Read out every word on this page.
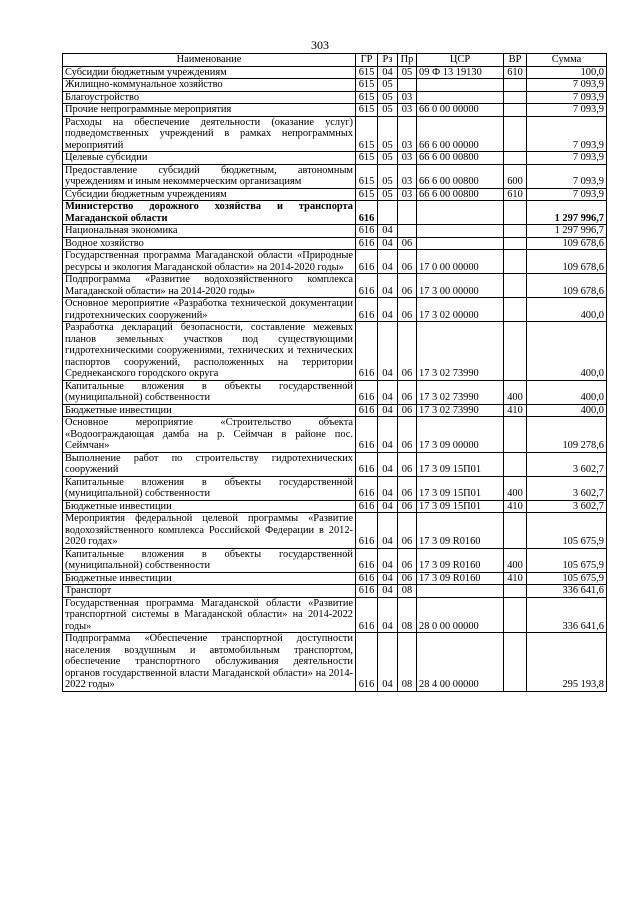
303
Наименование	ГР	Рз	Пр	ЦСР	ВР	Сумма
Субсидии бюджетным учреждениям	615	04	05	09 Ф 13 19130	610	100,0
Жилищно-коммунальное хозяйство	615	05				7 093,9
Благоустройство	615	05	03			7 093,9
Прочие непрограммные мероприятия	615	05	03	66 0 00 00000		7 093,9
Расходы на обеспечение деятельности (оказание услуг) подведомственных учреждений в рамках непрограммных мероприятий	615	05	03	66 6 00 00000		7 093,9
Целевые субсидии	615	05	03	66 6 00 00800		7 093,9
Предоставление субсидий бюджетным, автономным учреждениям и иным некоммерческим организациям	615	05	03	66 6 00 00800	600	7 093,9
Субсидии бюджетным учреждениям	615	05	03	66 6 00 00800	610	7 093,9
Министерство дорожного хозяйства и транспорта Магаданской области	616					1 297 996,7
Национальная экономика	616	04				1 297 996,7
Водное хозяйство	616	04	06			109 678,6
Государственная программа Магаданской области «Природные ресурсы и экология Магаданской области» на 2014-2020 годы»	616	04	06	17 0 00 00000		109 678,6
Подпрограмма «Развитие водохозяйственного комплекса Магаданской области» на 2014-2020 годы»	616	04	06	17 3 00 00000		109 678,6
Основное мероприятие «Разработка технической документации гидротехнических сооружений»	616	04	06	17 3 02 00000		400,0
Разработка деклараций безопасности, составление межевых планов земельных участков под существующими гидротехническими сооружениями, технических и технических паспортов сооружений, расположенных на территории Среднеканского городского округа	616	04	06	17 3 02 73990		400,0
Капитальные вложения в объекты государственной (муниципальной) собственности	616	04	06	17 3 02 73990	400	400,0
Бюджетные инвестиции	616	04	06	17 3 02 73990	410	400,0
Основное мероприятие «Строительство объекта «Водоограждающая дамба на р. Сеймчан в районе пос. Сеймчан»	616	04	06	17 3 09 00000		109 278,6
Выполнение работ по строительству гидротехнических сооружений	616	04	06	17 3 09 15П01		3 602,7
Капитальные вложения в объекты государственной (муниципальной) собственности	616	04	06	17 3 09 15П01	400	3 602,7
Бюджетные инвестиции	616	04	06	17 3 09 15П01	410	3 602,7
Мероприятия федеральной целевой программы «Развитие водохозяйственного комплекса Российской Федерации в 2012-2020 годах»	616	04	06	17 3 09 R0160		105 675,9
Капитальные вложения в объекты государственной (муниципальной) собственности	616	04	06	17 3 09 R0160	400	105 675,9
Бюджетные инвестиции	616	04	06	17 3 09 R0160	410	105 675,9
Транспорт	616	04	08			336 641,6
Государственная программа Магаданской области «Развитие транспортной системы в Магаданской области» на 2014-2022 годы»	616	04	08	28 0 00 00000		336 641,6
Подпрограмма «Обеспечение транспортной доступности населения воздушным и автомобильным транспортом, обеспечение транспортного обслуживания деятельности органов государственной власти Магаданской области» на 2014-2022 годы»	616	04	08	28 4 00 00000		295 193,8
